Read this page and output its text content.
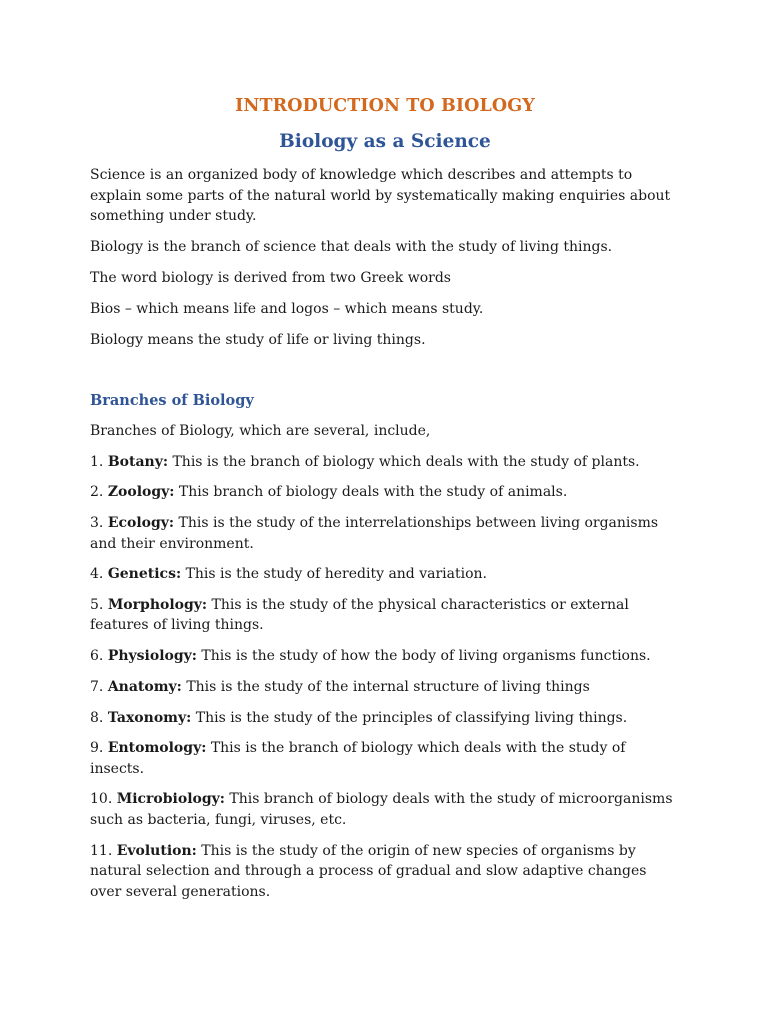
INTRODUCTION TO BIOLOGY
Biology as a Science

Science is an organized body of knowledge which describes and attempts to explain some parts of the natural world by systematically making enquiries about something under study.

Biology is the branch of science that deals with the study of living things.

The word biology is derived from two Greek words

Bios – which means life and logos – which means study.

Biology means the study of life or living things.

Branches of Biology

Branches of Biology, which are several, include,

1. Botany: This is the branch of biology which deals with the study of plants.
2. Zoology: This branch of biology deals with the study of animals.
3. Ecology: This is the study of the interrelationships between living organisms and their environment.
4. Genetics: This is the study of heredity and variation.
5. Morphology: This is the study of the physical characteristics or external features of living things.
6. Physiology: This is the study of how the body of living organisms functions.
7. Anatomy: This is the study of the internal structure of living things
8. Taxonomy: This is the study of the principles of classifying living things.
9. Entomology: This is the branch of biology which deals with the study of insects.
10. Microbiology: This branch of biology deals with the study of microorganisms such as bacteria, fungi, viruses, etc.
11. Evolution: This is the study of the origin of new species of organisms by natural selection and through a process of gradual and slow adaptive changes over several generations.
